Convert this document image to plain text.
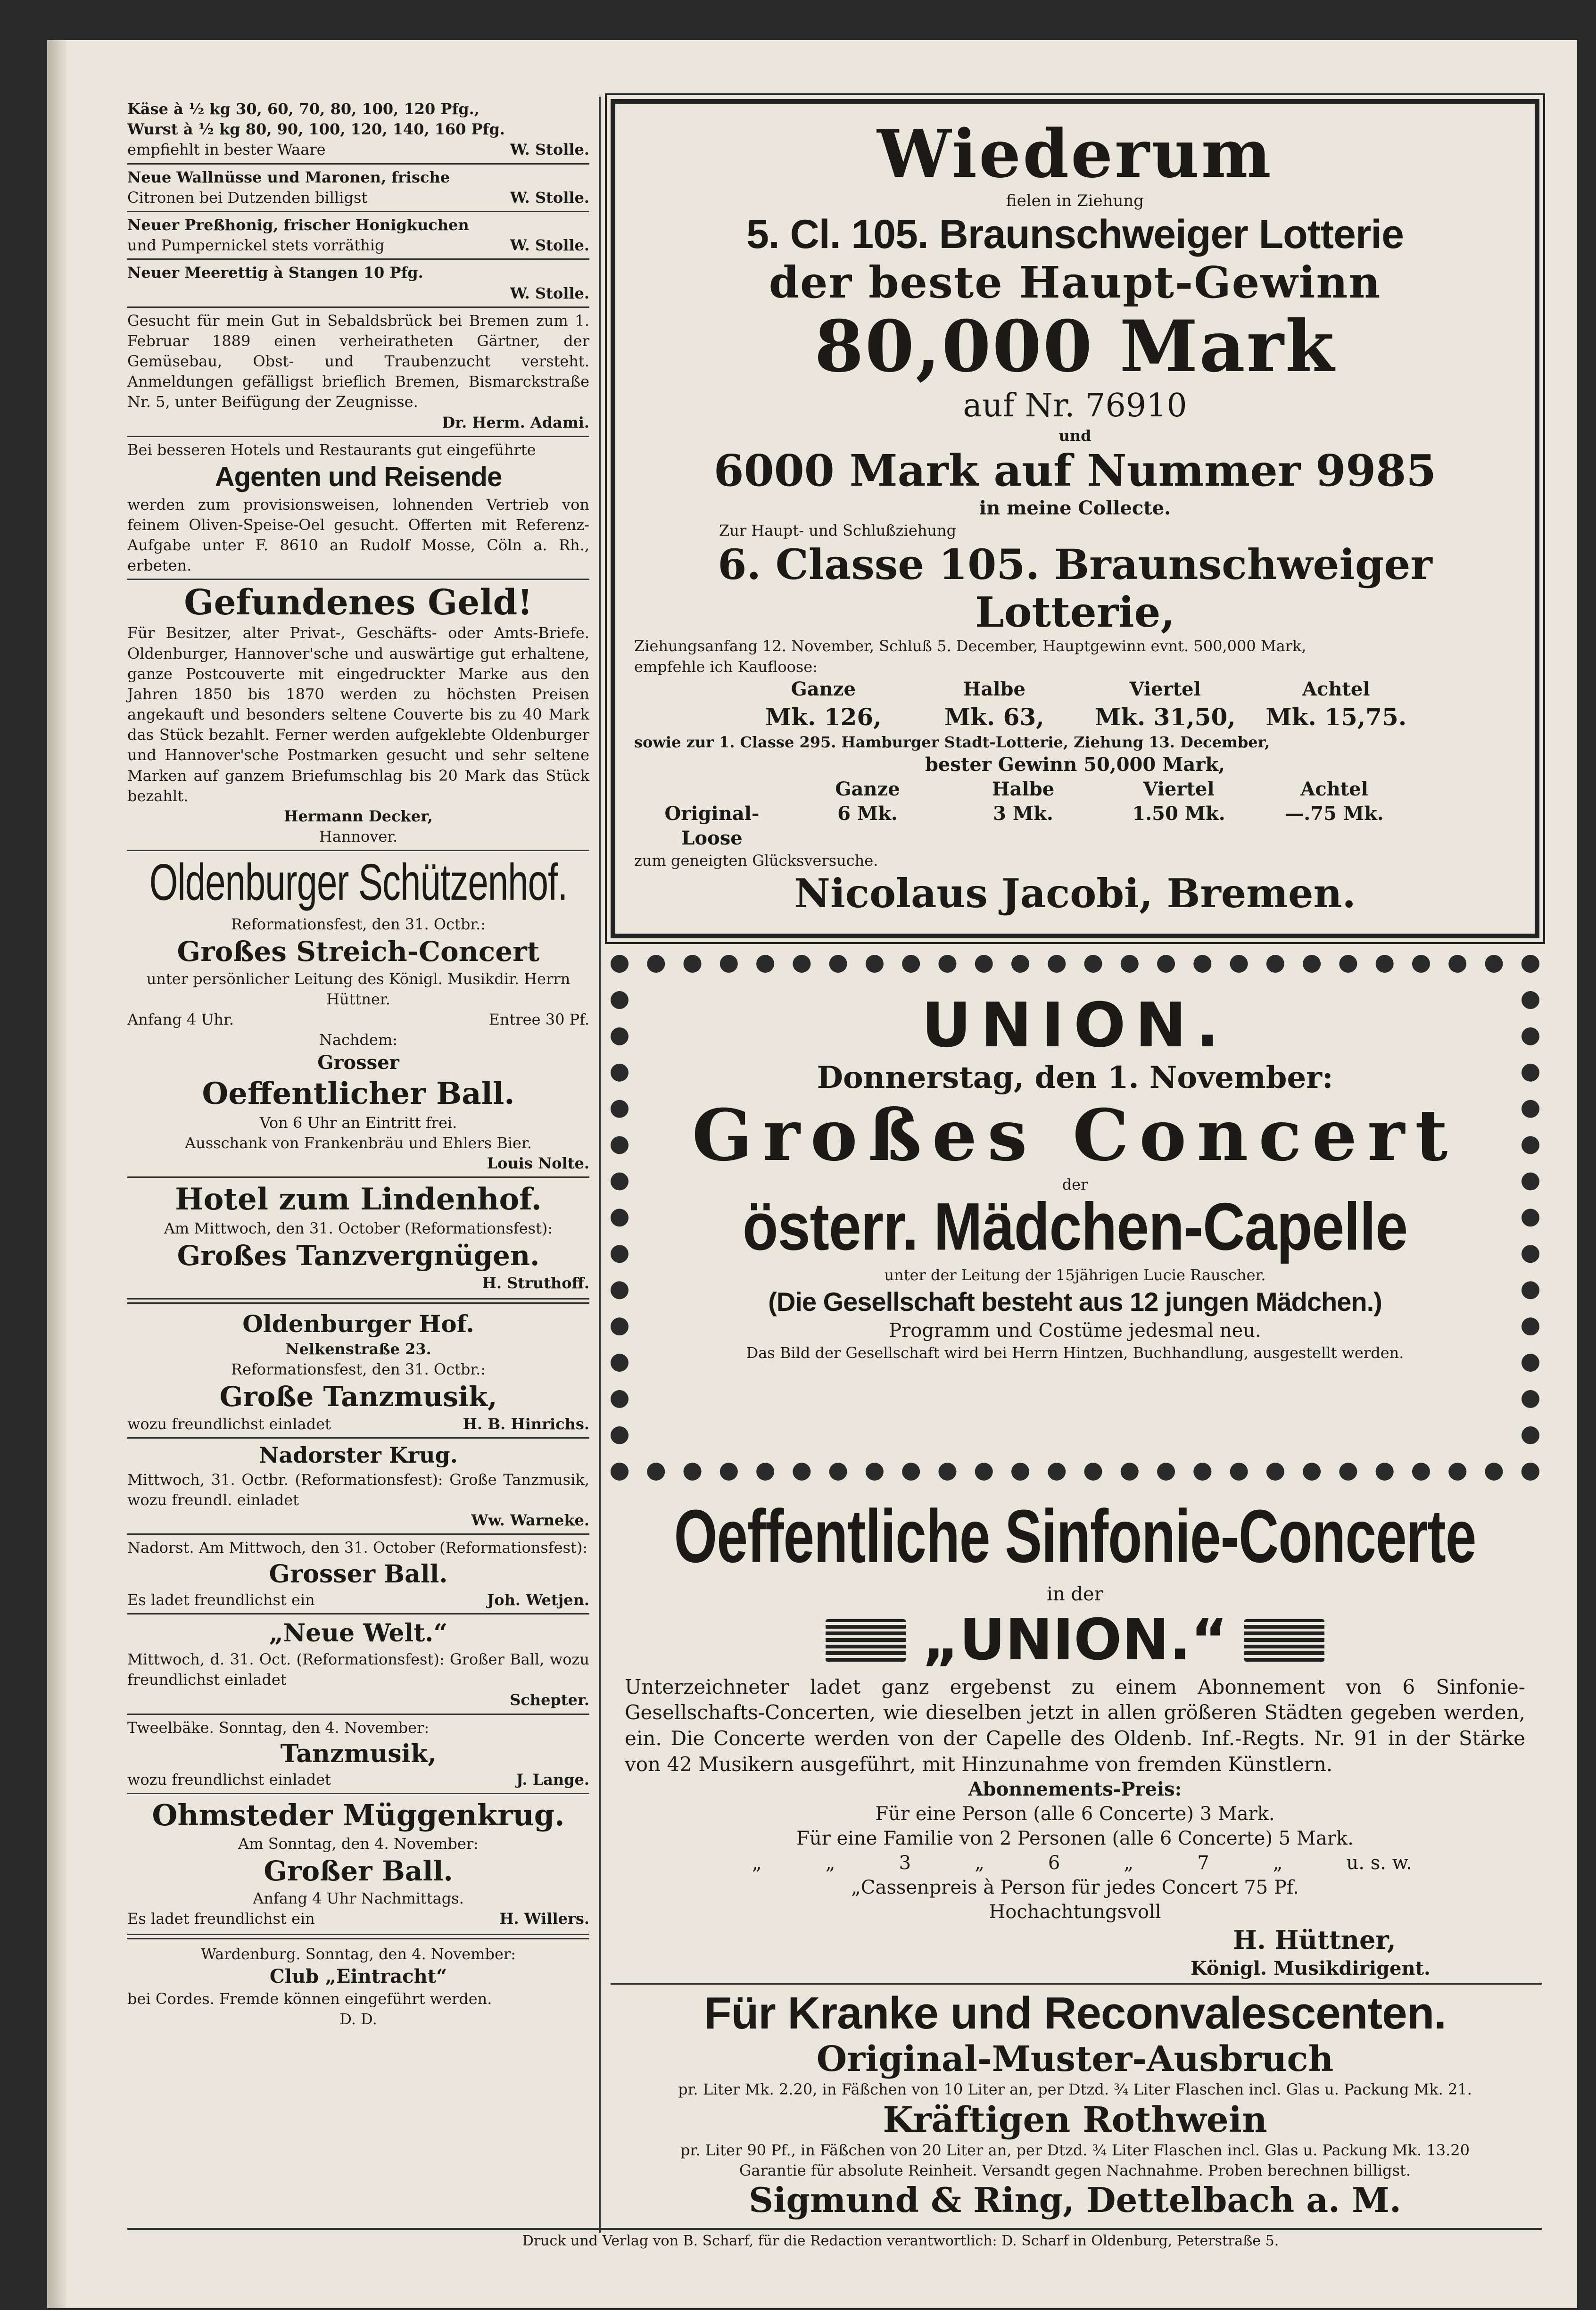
Käse à ½ kg 30, 60, 70, 80, 100, 120 Pfg.,
Wurst à ½ kg 80, 90, 100, 120, 140, 160 Pfg.
empfiehlt in bester Waare	W. Stolle.
Neue Wallnüsse und Maronen, frische
Citronen bei Dutzenden billigst	W. Stolle.
Neuer Preßhonig, frischer Honigkuchen
und Pumpernickel stets vorräthig	W. Stolle.
Neuer Meerettig à Stangen 10 Pfg.
W. Stolle.
Gesucht für mein Gut in Sebaldsbrück bei Bremen zum 1. Februar 1889 einen verheiratheten Gärtner, der Gemüsebau, Obst- und Traubenzucht versteht. Anmeldungen gefälligst brieflich Bremen, Bismarckstraße Nr. 5, unter Beifügung der Zeugnisse.
Dr. Herm. Adami.
Bei besseren Hotels und Restaurants gut eingeführte
Agenten und Reisende
werden zum provisionsweisen, lohnenden Vertrieb von feinem Oliven-Speise-Oel gesucht. Offerten mit Referenz-Aufgabe unter F. 8610 an Rudolf Mosse, Cöln a. Rh., erbeten.
Gefundenes Geld!
Für Besitzer, alter Privat-, Geschäfts- oder Amts-Briefe. Oldenburger, Hannover'sche und auswärtige gut erhaltene, ganze Postcouverte mit eingedruckter Marke aus den Jahren 1850 bis 1870 werden zu höchsten Preisen angekauft und besonders seltene Couverte bis zu 40 Mark das Stück bezahlt. Ferner werden aufgeklebte Oldenburger und Hannover'sche Postmarken gesucht und sehr seltene Marken auf ganzem Briefumschlag bis 20 Mark das Stück bezahlt.
Hermann Decker,
Hannover.
Oldenburger Schützenhof.
Reformationsfest, den 31. Octbr.:
Großes Streich-Concert
unter persönlicher Leitung des Königl. Musikdir. Herrn Hüttner.
Anfang 4 Uhr.	Entree 30 Pf.
Nachdem:
Grosser
Oeffentlicher Ball.
Von 6 Uhr an Eintritt frei.
Ausschank von Frankenbräu und Ehlers Bier.
Louis Nolte.
Hotel zum Lindenhof.
Am Mittwoch, den 31. October (Reformationsfest):
Großes Tanzvergnügen.
H. Struthoff.
Oldenburger Hof.
Nelkenstraße 23.
Reformationsfest, den 31. Octbr.:
Große Tanzmusik,
wozu freundlichst einladet	H. B. Hinrichs.
Nadorster Krug.
Mittwoch, 31. Octbr. (Reformationsfest): Große Tanzmusik, wozu freundl. einladet
Ww. Warneke.
Nadorst. Am Mittwoch, den 31. October (Reformationsfest):
Grosser Ball.
Es ladet freundlichst ein	Joh. Wetjen.
„Neue Welt.“
Mittwoch, d. 31. Oct. (Reformationsfest): Großer Ball, wozu freundlichst einladet
Schepter.
Tweelbäke. Sonntag, den 4. November:
Tanzmusik,
wozu freundlichst einladet	J. Lange.
Ohmsteder Müggenkrug.
Am Sonntag, den 4. November:
Großer Ball.
Anfang 4 Uhr Nachmittags.
Es ladet freundlichst ein	H. Willers.
Wardenburg. Sonntag, den 4. November:
Club „Eintracht“
bei Cordes. Fremde können eingeführt werden.
D. D.
Wiederum
fielen in Ziehung
5. Cl. 105. Braunschweiger Lotterie
der beste Haupt-Gewinn
80,000 Mark
auf Nr. 76910
und
6000 Mark auf Nummer 9985
in meine Collecte.
Zur Haupt- und Schlußziehung
6. Classe 105. Braunschweiger Lotterie,
Ziehungsanfang 12. November, Schluß 5. December, Hauptgewinn evnt. 500,000 Mark,
empfehle ich Kaufloose:
Ganze	Halbe	Viertel	Achtel
Mk. 126,	Mk. 63,	Mk. 31,50,	Mk. 15,75.
sowie zur 1. Classe 295. Hamburger Stadt-Lotterie, Ziehung 13. December,
bester Gewinn 50,000 Mark,
Ganze	Halbe	Viertel	Achtel
Original-Loose
6 Mk.	3 Mk.	1.50 Mk.	—.75 Mk.
zum geneigten Glücksversuche.
Nicolaus Jacobi, Bremen.
UNION.
Donnerstag, den 1. November:
Großes Concert
der
österr. Mädchen-Capelle
unter der Leitung der 15jährigen Lucie Rauscher.
(Die Gesellschaft besteht aus 12 jungen Mädchen.)
Programm und Costüme jedesmal neu.
Das Bild der Gesellschaft wird bei Herrn Hintzen, Buchhandlung, ausgestellt werden.
Oeffentliche Sinfonie-Concerte
in der
„UNION.“
Unterzeichneter ladet ganz ergebenst zu einem Abonnement von 6 Sinfonie-Gesellschafts-Concerten, wie dieselben jetzt in allen größeren Städten gegeben werden, ein. Die Concerte werden von der Capelle des Oldenb. Inf.-Regts. Nr. 91 in der Stärke von 42 Musikern ausgeführt, mit Hinzunahme von fremden Künstlern.
Abonnements-Preis:
Für eine Person (alle 6 Concerte) 3 Mark.
Für eine Familie von 2 Personen (alle 6 Concerte) 5 Mark.
„	„	3	„	6	„	7	„	u. s. w.
„Cassenpreis à Person für jedes Concert 75 Pf.
Hochachtungsvoll
H. Hüttner,
Königl. Musikdirigent.
Für Kranke und Reconvalescenten.
Original-Muster-Ausbruch
pr. Liter Mk. 2.20, in Fäßchen von 10 Liter an, per Dtzd. ¾ Liter Flaschen incl. Glas u. Packung Mk. 21.
Kräftigen Rothwein
pr. Liter 90 Pf., in Fäßchen von 20 Liter an, per Dtzd. ¾ Liter Flaschen incl. Glas u. Packung Mk. 13.20
Garantie für absolute Reinheit. Versandt gegen Nachnahme. Proben berechnen billigst.
Sigmund & Ring, Dettelbach a. M.
Druck und Verlag von B. Scharf, für die Redaction verantwortlich: D. Scharf in Oldenburg, Peterstraße 5.
